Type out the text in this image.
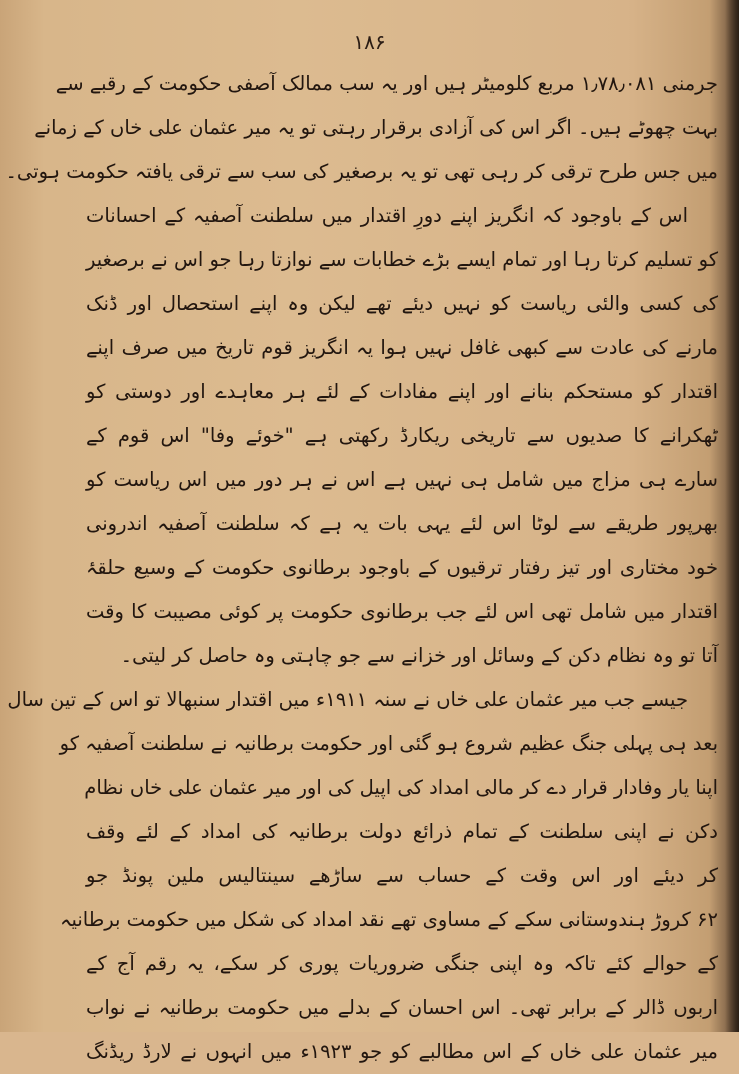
۱۸۶
جرمنی ۱٫۷۸٫۰۸۱ مربع کلومیٹر ہیں اور یہ سب ممالک آصفی حکومت کے رقبے سے
بہت چھوٹے ہیں۔ اگر اس کی آزادی برقرار رہتی تو یہ میر عثمان علی خاں کے زمانے
میں جس طرح ترقی کر رہی تھی تو یہ برصغیر کی سب سے ترقی یافتہ حکومت ہوتی۔
اس کے باوجود کہ انگریز اپنے دورِ اقتدار میں سلطنت آصفیہ کے احسانات
کو تسلیم کرتا رہا اور تمام ایسے بڑے خطابات سے نوازتا رہا جو اس نے برصغیر
کی کسی والئی ریاست کو نہیں دیئے تھے لیکن وہ اپنے استحصال اور ڈنک
مارنے کی عادت سے کبھی غافل نہیں ہوا یہ انگریز قوم تاریخ میں صرف اپنے
اقتدار کو مستحکم بنانے اور اپنے مفادات کے لئے ہر معاہدے اور دوستی کو
ٹھکرانے کا صدیوں سے تاریخی ریکارڈ رکھتی ہے "خوئے وفا" اس قوم کے
سارے ہی مزاج میں شامل ہی نہیں ہے اس نے ہر دور میں اس ریاست کو
بھرپور طریقے سے لوٹا اس لئے یہی بات یہ ہے کہ سلطنت آصفیہ اندرونی
خود مختاری اور تیز رفتار ترقیوں کے باوجود برطانوی حکومت کے وسیع حلقۂ
اقتدار میں شامل تھی اس لئے جب برطانوی حکومت پر کوئی مصیبت کا وقت
آتا تو وہ نظام دکن کے وسائل اور خزانے سے جو چاہتی وہ حاصل کر لیتی۔
جیسے جب میر عثمان علی خاں نے سنہ ۱۹۱۱ء میں اقتدار سنبھالا تو اس کے تین سال
بعد ہی پہلی جنگ عظیم شروع ہو گئی اور حکومت برطانیہ نے سلطنت آصفیہ کو
اپنا یار وفادار قرار دے کر مالی امداد کی اپیل کی اور میر عثمان علی خاں نظام
دکن نے اپنی سلطنت کے تمام ذرائع دولت برطانیہ کی امداد کے لئے وقف
کر دیئے اور اس وقت کے حساب سے ساڑھے سینتالیس ملین پونڈ جو
۶۲ کروڑ ہندوستانی سکے کے مساوی تھے نقد امداد کی شکل میں حکومت برطانیہ
کے حوالے کئے تاکہ وہ اپنی جنگی ضروریات پوری کر سکے، یہ رقم آج کے
اربوں ڈالر کے برابر تھی۔ اس احسان کے بدلے میں حکومت برطانیہ نے نواب
میر عثمان علی خاں کے اس مطالبے کو جو ۱۹۲۳ء میں انہوں نے لارڈ ریڈنگ
